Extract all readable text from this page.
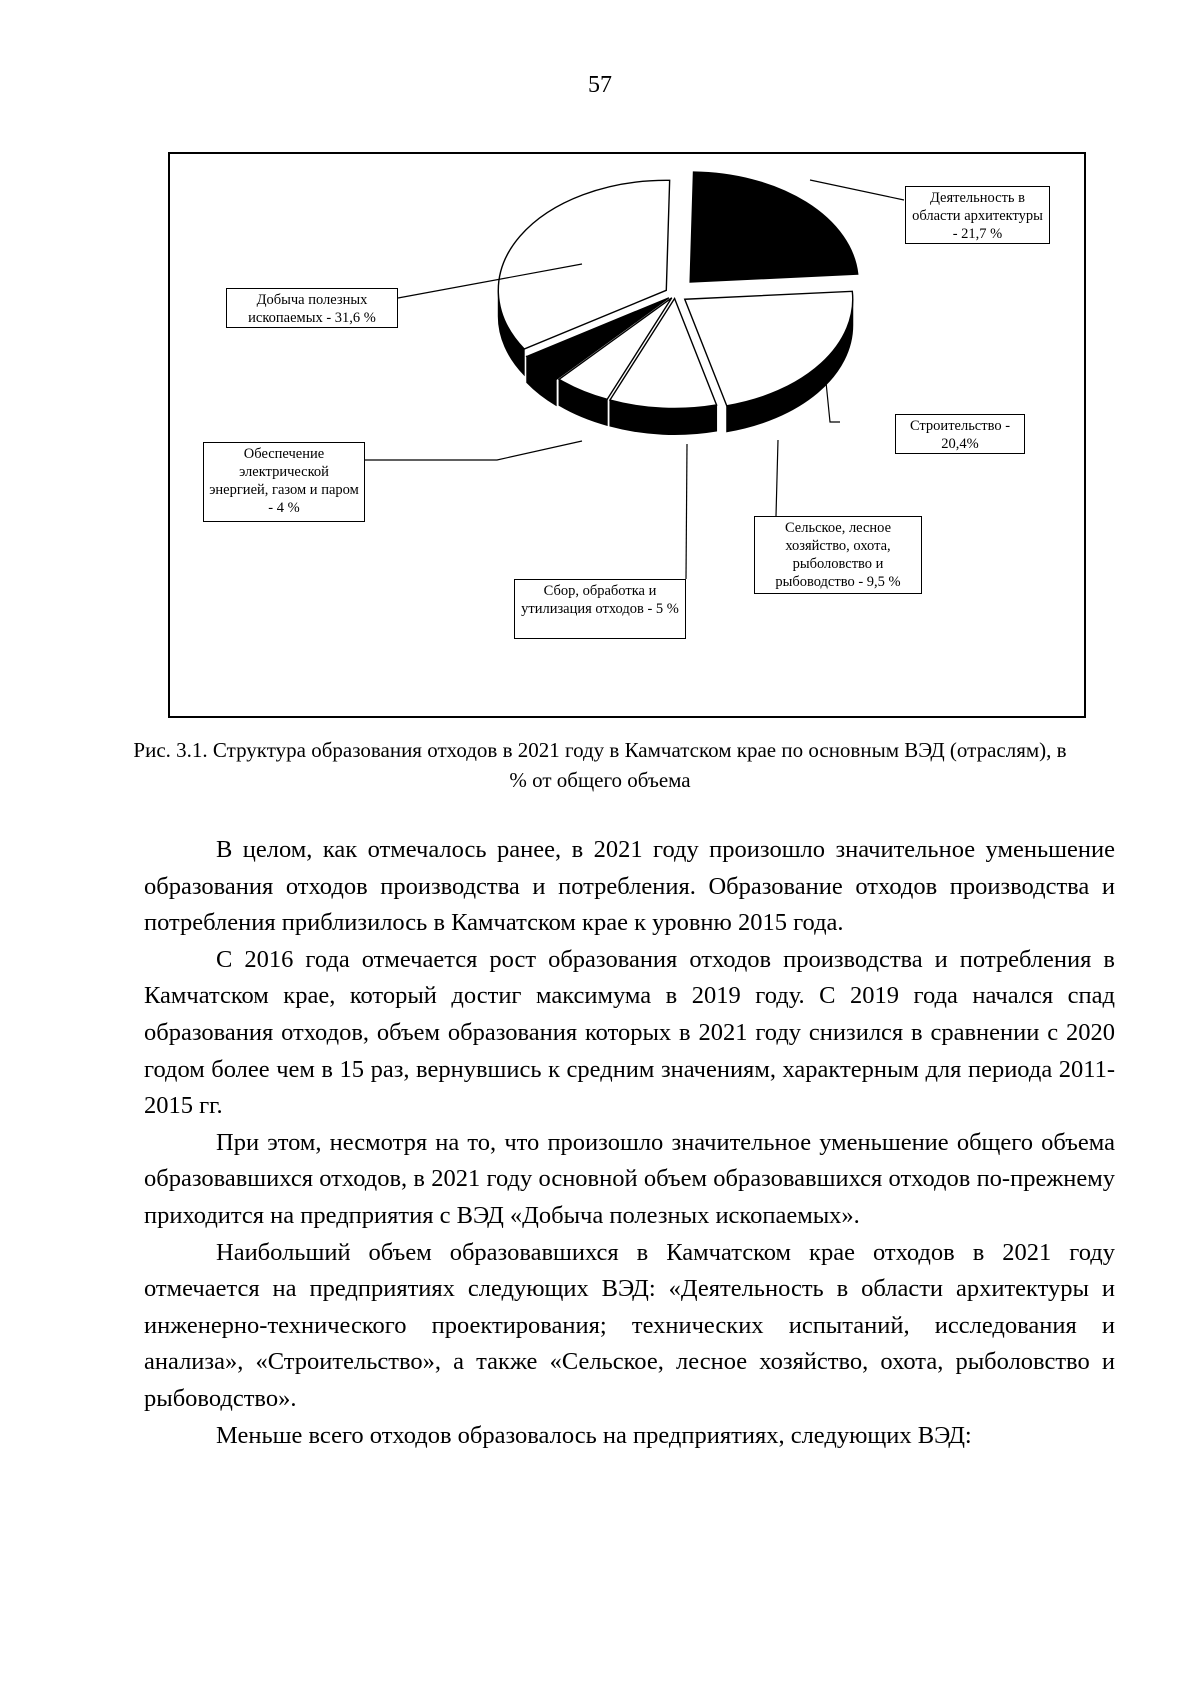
57
Деятельность в области архитектуры - 21,7 %
Добыча полезных ископаемых - 31,6 %
Строительство - 20,4%
Обеспечение электрической энергией, газом и паром - 4 %
Сельское, лесное хозяйство, охота, рыболовство и рыбоводство - 9,5 %
Сбор, обработка и утилизация отходов - 5 %
Рис. 3.1. Структура образования отходов в 2021 году в Камчатском крае по основным ВЭД (отраслям), в % от общего объема

В целом, как отмечалось ранее, в 2021 году произошло значительное уменьшение образования отходов производства и потребления. Образование отходов производства и потребления приблизилось в Камчатском крае к уровню 2015 года.

С 2016 года отмечается рост образования отходов производства и потребления в Камчатском крае, который достиг максимума в 2019 году. С 2019 года начался спад образования отходов, объем образования которых в 2021 году снизился в сравнении с 2020 годом более чем в 15 раз, вернувшись к средним значениям, характерным для периода 2011-2015 гг.

При этом, несмотря на то, что произошло значительное уменьшение общего объема образовавшихся отходов, в 2021 году основной объем образовавшихся отходов по-прежнему приходится на предприятия с ВЭД «Добыча полезных ископаемых».

Наибольший объем образовавшихся в Камчатском крае отходов в 2021 году отмечается на предприятиях следующих ВЭД: «Деятельность в области архитектуры и инженерно-технического проектирования; технических испытаний, исследования и анализа», «Строительство», а также «Сельское, лесное хозяйство, охота, рыболовство и рыбоводство».

Меньше всего отходов образовалось на предприятиях, следующих ВЭД:
